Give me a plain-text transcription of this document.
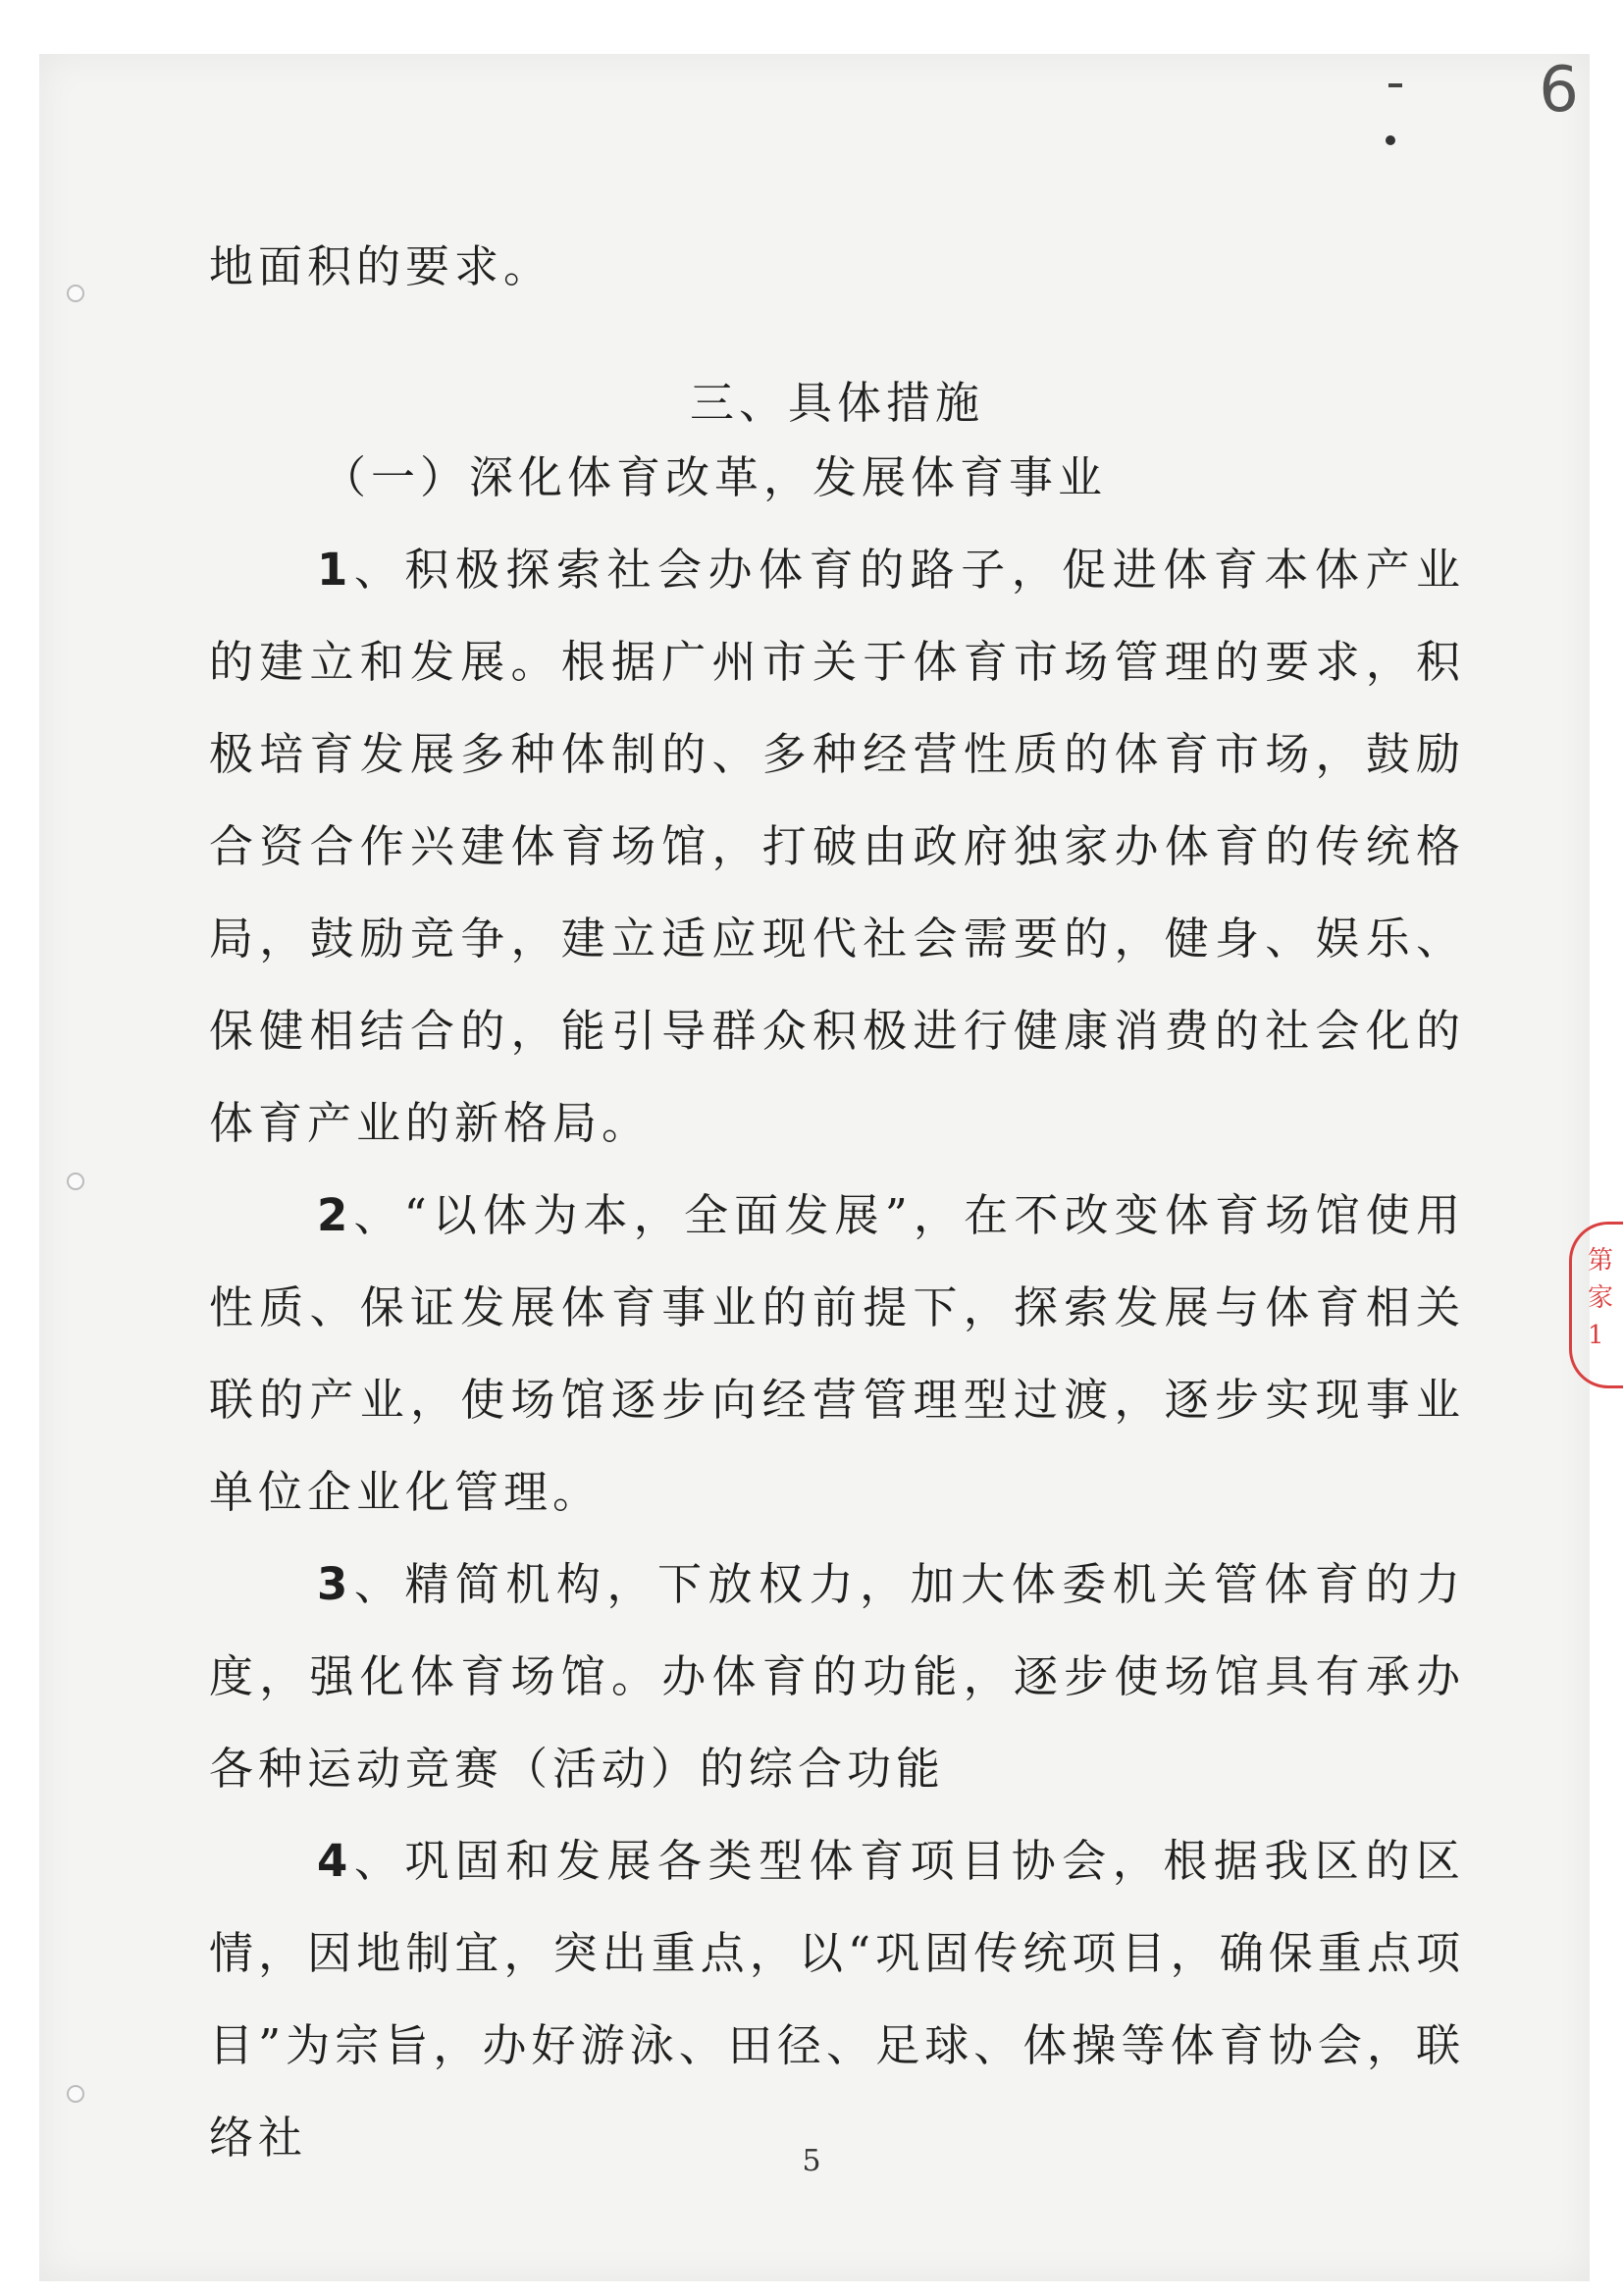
6
第
家
1

地面积的要求。

三、具体措施

（一）深化体育改革，发展体育事业

1、积极探索社会办体育的路子，促进体育本体产业的建立和发展。根据广州市关于体育市场管理的要求，积极培育发展多种体制的、多种经营性质的体育市场，鼓励合资合作兴建体育场馆，打破由政府独家办体育的传统格局，鼓励竞争，建立适应现代社会需要的，健身、娱乐、保健相结合的，能引导群众积极进行健康消费的社会化的体育产业的新格局。

2、“以体为本，全面发展”，在不改变体育场馆使用性质、保证发展体育事业的前提下，探索发展与体育相关联的产业，使场馆逐步向经营管理型过渡，逐步实现事业单位企业化管理。

3、精简机构，下放权力，加大体委机关管体育的力度，强化体育场馆。办体育的功能，逐步使场馆具有承办各种运动竞赛（活动）的综合功能

4、巩固和发展各类型体育项目协会，根据我区的区情，因地制宜，突出重点，以“巩固传统项目，确保重点项目”为宗旨，办好游泳、田径、足球、体操等体育协会，联络社	5
